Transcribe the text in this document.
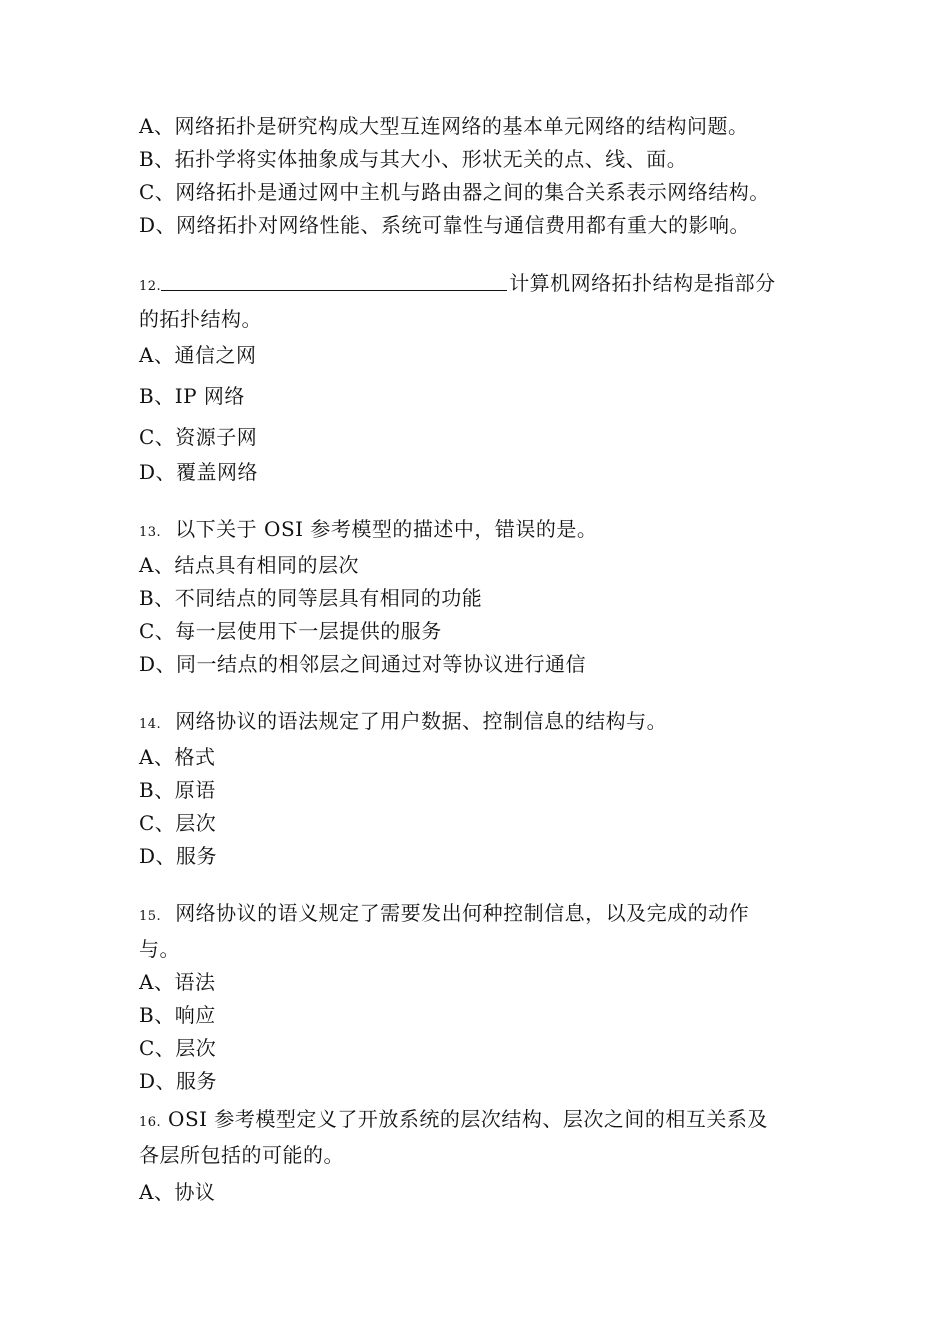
A、网络拓扑是研究构成大型互连网络的基本单元网络的结构问题。
B、拓扑学将实体抽象成与其大小、形状无关的点、线、面。
C、网络拓扑是通过网中主机与路由器之间的集合关系表示网络结构。
D、网络拓扑对网络性能、系统可靠性与通信费用都有重大的影响。
12.	计算机网络拓扑结构是指部分
的拓扑结构。
A、通信之网
B、IP 网络
C、资源子网
D、覆盖网络
13. 以下关于 OSI 参考模型的描述中，错误的是。
A、结点具有相同的层次
B、不同结点的同等层具有相同的功能
C、每一层使用下一层提供的服务
D、同一结点的相邻层之间通过对等协议进行通信
14. 网络协议的语法规定了用户数据、控制信息的结构与。
A、格式
B、原语
C、层次
D、服务
15. 网络协议的语义规定了需要发出何种控制信息，以及完成的动作
与。
A、语法
B、响应
C、层次
D、服务
16. OSI 参考模型定义了开放系统的层次结构、层次之间的相互关系及
各层所包括的可能的。
A、协议
